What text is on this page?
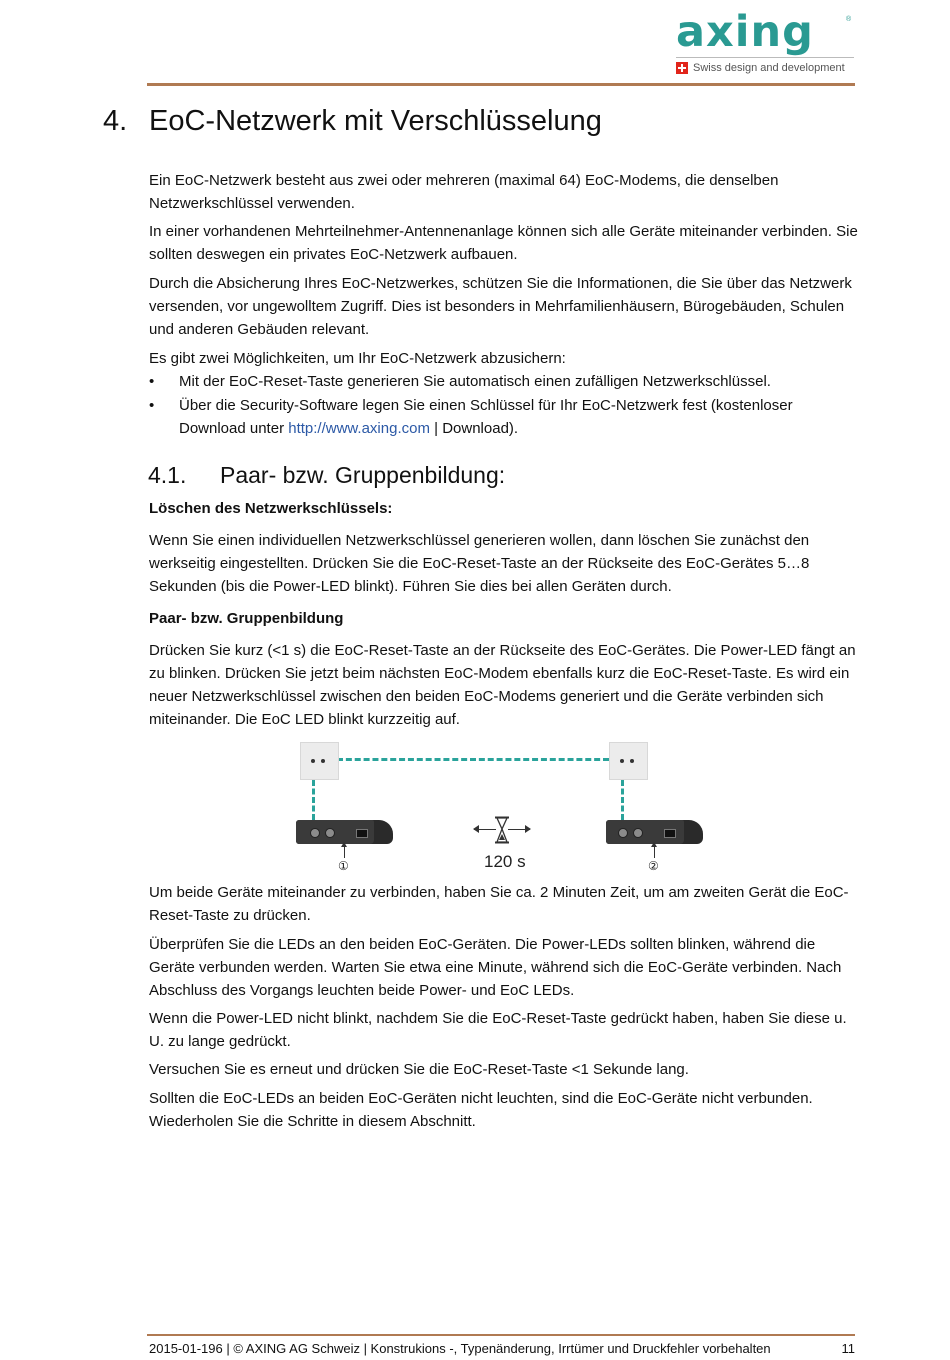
axing	®
Swiss design and development
4. EoC-Netzwerk mit Verschlüsselung

Ein EoC-Netzwerk besteht aus zwei oder mehreren (maximal 64) EoC-Modems, die denselben Netzwerkschlüssel verwenden.

In einer vorhandenen Mehrteilnehmer-Antennenanlage können sich alle Geräte miteinander verbinden. Sie sollten deswegen ein privates EoC-Netzwerk aufbauen.

Durch die Absicherung Ihres EoC-Netzwerkes, schützen Sie die Informationen, die Sie über das Netzwerk versenden, vor ungewolltem Zugriff. Dies ist besonders in Mehrfamilienhäusern, Bürogebäuden, Schulen und anderen Gebäuden relevant.

Es gibt zwei Möglichkeiten, um Ihr EoC-Netzwerk abzusichern:

• Mit der EoC-Reset-Taste generieren Sie automatisch einen zufälligen Netzwerkschlüssel.
• Über die Security-Software legen Sie einen Schlüssel für Ihr EoC-Netzwerk fest (kostenloser Download unter http://www.axing.com | Download).
4.1. Paar- bzw. Gruppenbildung:
Löschen des Netzwerkschlüssels:

Wenn Sie einen individuellen Netzwerkschlüssel generieren wollen, dann löschen Sie zunächst den werkseitig eingestellten. Drücken Sie die EoC-Reset-Taste an der Rückseite des EoC-Gerätes 5…8 Sekunden (bis die Power-LED blinkt). Führen Sie dies bei allen Geräten durch.

Paar- bzw. Gruppenbildung

Drücken Sie kurz (<1 s) die EoC-Reset-Taste an der Rückseite des EoC-Gerätes. Die Power-LED fängt an zu blinken. Drücken Sie jetzt beim nächsten EoC-Modem ebenfalls kurz die EoC-Reset-Taste. Es wird ein neuer Netzwerkschlüssel zwischen den beiden EoC-Modems generiert und die Geräte verbinden sich miteinander. Die EoC LED blinkt kurzzeitig auf.

①	②
120 s

Um beide Geräte miteinander zu verbinden, haben Sie ca. 2 Minuten Zeit, um am zweiten Gerät die EoC-Reset-Taste zu drücken.

Überprüfen Sie die LEDs an den beiden EoC-Geräten. Die Power-LEDs sollten blinken, während die Geräte verbunden werden. Warten Sie etwa eine Minute, während sich die EoC-Geräte verbinden. Nach Abschluss des Vorgangs leuchten beide Power- und EoC LEDs.

Wenn die Power-LED nicht blinkt, nachdem Sie die EoC-Reset-Taste gedrückt haben, haben Sie diese u. U. zu lange gedrückt.

Versuchen Sie es erneut und drücken Sie die EoC-Reset-Taste <1 Sekunde lang.

Sollten die EoC-LEDs an beiden EoC-Geräten nicht leuchten, sind die EoC-Geräte nicht verbunden. Wiederholen Sie die Schritte in diesem Abschnitt.

2015-01-196 | © AXING AG Schweiz | Konstrukions -, Typenänderung, Irrtümer und Druckfehler vorbehalten	11
